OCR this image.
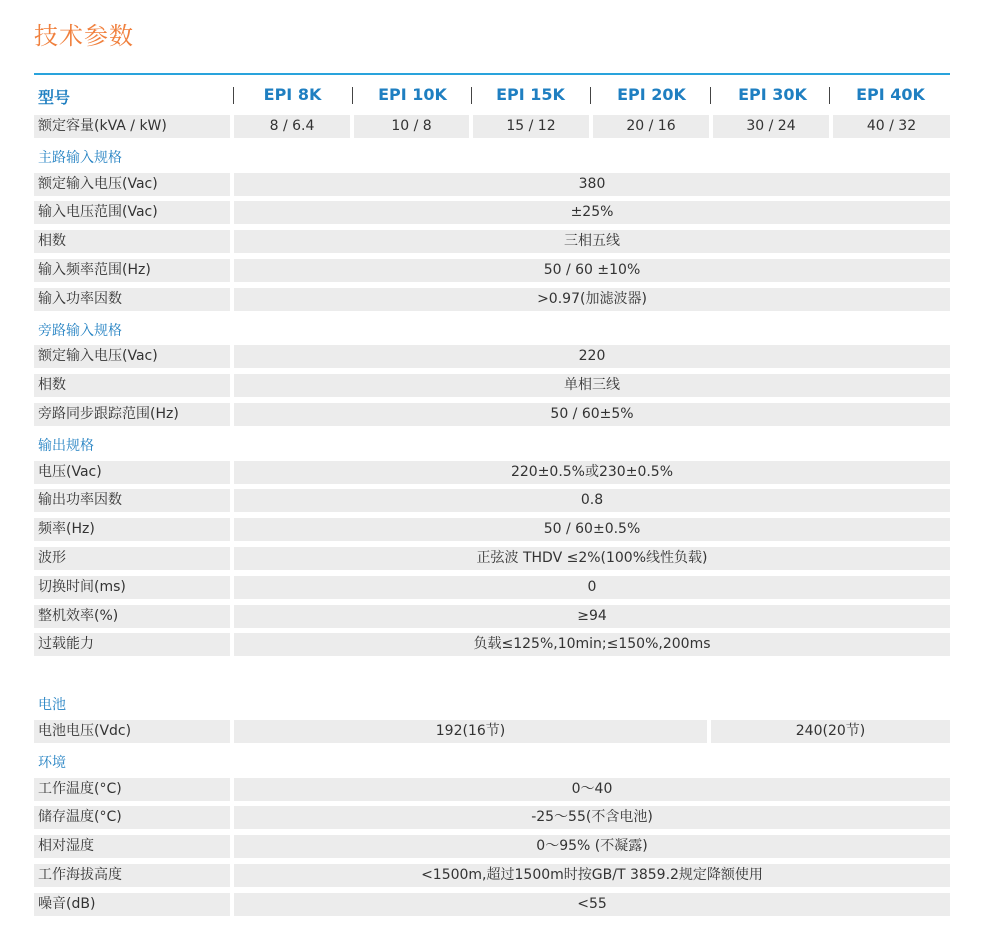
技术参数
型号	EPI 8K	EPI 10K	EPI 15K	EPI 20K	EPI 30K	EPI 40K
额定容量(kVA / kW)	8 / 6.4	10 / 8	15 / 12	20 / 16	30 / 24	40 / 32
主路输入规格
额定输入电压(Vac)	380
输入电压范围(Vac)	±25%
相数	三相五线
输入频率范围(Hz)	50 / 60 ±10%
输入功率因数	>0.97(加滤波器)
旁路输入规格
额定输入电压(Vac)	220
相数	单相三线
旁路同步跟踪范围(Hz)	50 / 60±5%
输出规格
电压(Vac)	220±0.5%或230±0.5%
输出功率因数	0.8
频率(Hz)	50 / 60±0.5%
波形	正弦波 THDV ≤2%(100%线性负载)
切换时间(ms)	0
整机效率(%)	≥94
过载能力	负载≤125%,10min;≤150%,200ms
电池
电池电压(Vdc)	192(16节)	240(20节)
环境
工作温度(°C)	0～40
储存温度(°C)	-25～55(不含电池)
相对湿度	0～95% (不凝露)
工作海拔高度	<1500m,超过1500m时按GB/T 3859.2规定降额使用
噪音(dB)	<55
